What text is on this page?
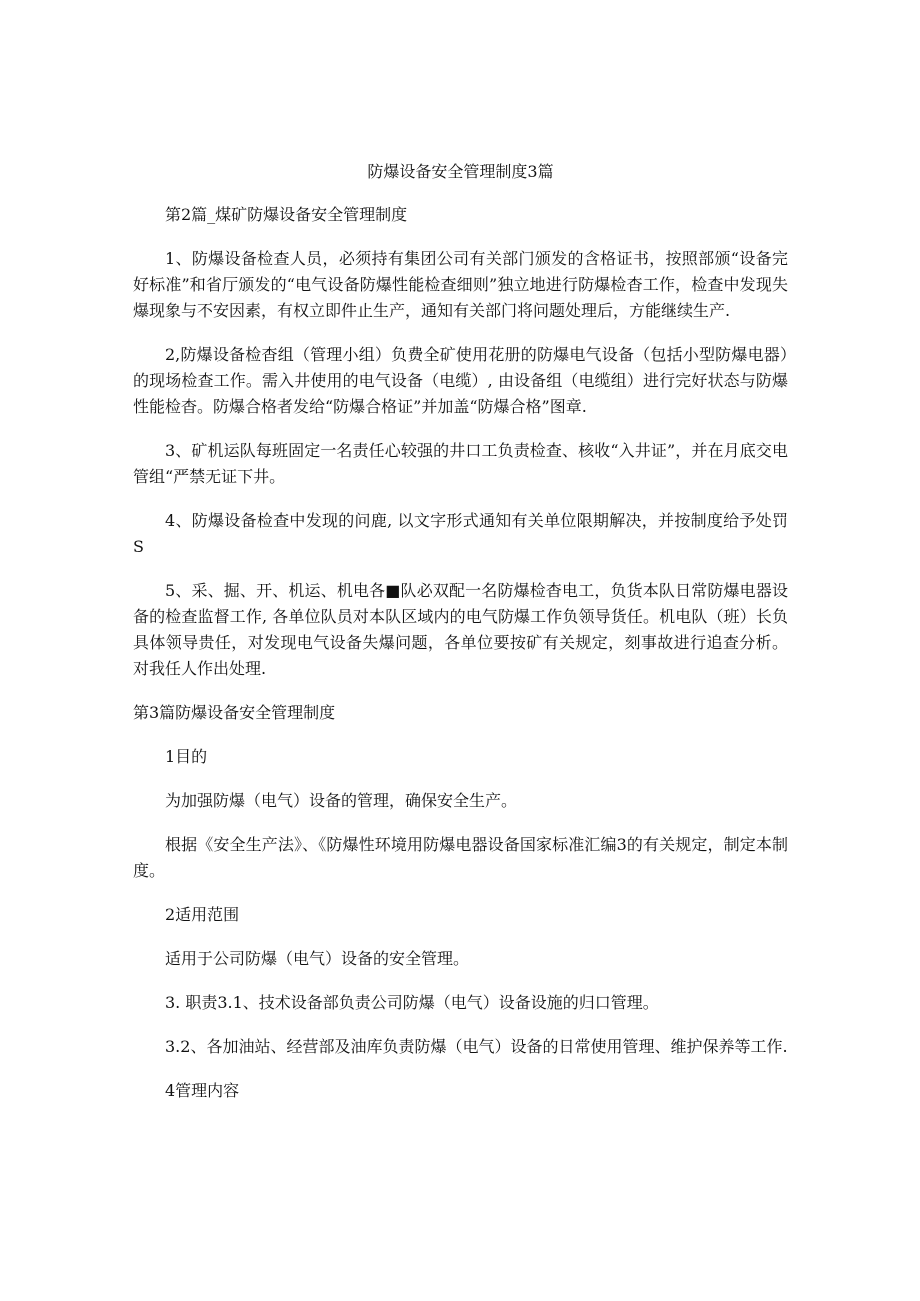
防爆设备安全管理制度3篇

第2篇_煤矿防爆设备安全管理制度

1、防爆设备检查人员，必须持有集团公司有关部门颁发的含格证书，按照部颁“设备完好标准”和省厅颁发的“电气设备防爆性能检查细则”独立地进行防爆检杳工作，检查中发现失爆现象与不安因素，有权立即件止生产，通知有关部门将问题处理后，方能继续生产.

2,防爆设备检杳组（管理小组）负费全矿使用花册的防爆电气设备（包括小型防爆电器）的现场检查工作。需入井使用的电气设备（电缆）, 由设备组（电缆组）进行完好状态与防爆性能检杳。防爆合格者发给“防爆合格证”并加盖“防爆合格”图章.

3、矿机运队每班固定一名责任心较强的井口工负责检查、核收“入井证”，并在月底交电管组“严禁无证下井。

4、防爆设备检查中发现的问鹿, 以文字形式通知有关单位限期解决，并按制度给予处罚S

5、采、掘、开、机运、机电各■队必双配一名防爆检杳电工，负货本队日常防爆电器设备的检查监督工作, 各单位队员对本队区域内的电气防爆工作负领导货任。机电队（班）长负具体领导贵任，对发现电气设备失爆问题，各单位要按矿有关规定，刻事故进行追查分析。对我任人作出处理.

第3篇防爆设备安全管理制度

1目的

为加强防爆（电气）设备的管理，确保安全生产。

根据《安全生产法》、《防爆性环境用防爆电器设备国家标准汇编3的有关规定，制定本制度。

2适用范围

适用于公司防爆（电气）设备的安全管理。

3. 职责3.1、技术设备部负责公司防爆（电气）设备设施的归口管理。

3.2、各加油站、经营部及油库负责防爆（电气）设备的日常使用管理、维护保养等工作.

4管理内容
